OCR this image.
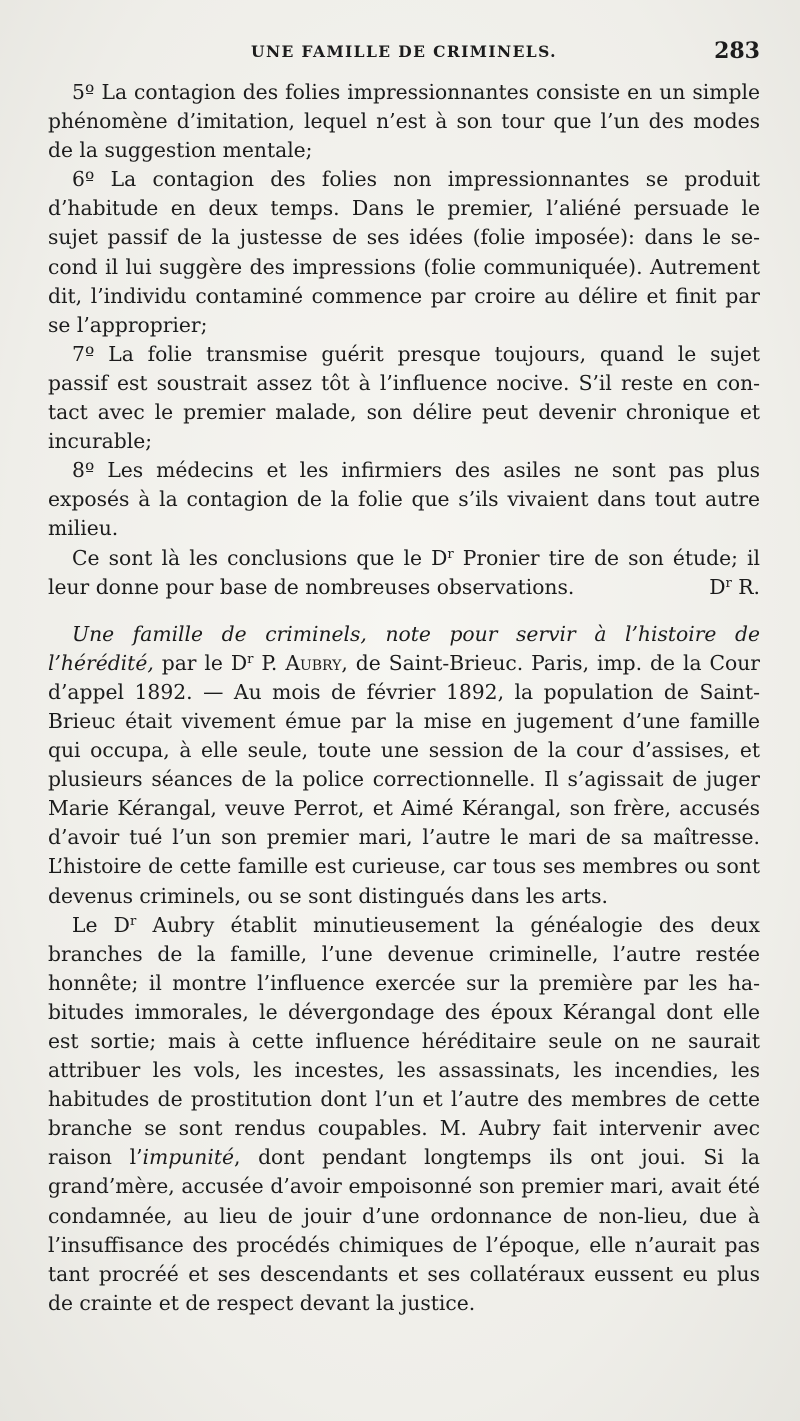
UNE FAMILLE DE CRIMINELS.	283

5º La contagion des folies impressionnantes consiste en un simple phénomène d’imitation, lequel n’est à son tour que l’un des modes de la suggestion mentale;

6º La contagion des folies non impressionnantes se produit d’habitude en deux temps. Dans le premier, l’aliéné persuade le sujet passif de la justesse de ses idées (folie imposée): dans le second il lui suggère des impressions (folie communiquée). Autrement dit, l’individu contaminé commence par croire au délire et finit par se l’approprier;

7º La folie transmise guérit presque toujours, quand le sujet passif est soustrait assez tôt à l’influence nocive. S’il reste en contact avec le premier malade, son délire peut devenir chronique et incurable;

8º Les médecins et les infirmiers des asiles ne sont pas plus exposés à la contagion de la folie que s’ils vivaient dans tout autre milieu.

Ce sont là les conclusions que le $D^r$ Pronier tire de son étude; il leur donne pour base de nombreuses observations.	$D^r$ R.

Une famille de criminels, note pour servir à l’histoire de l’hérédité, par le $D^r$ P. Aubry, de Saint-Brieuc. Paris, imp. de la Cour d’appel 1892. — Au mois de février 1892, la population de Saint-Brieuc était vivement émue par la mise en jugement d’une famille qui occupa, à elle seule, toute une session de la cour d’assises, et plusieurs séances de la police correctionnelle. Il s’agissait de juger Marie Kérangal, veuve Perrot, et Aimé Kérangal, son frère, accusés d’avoir tué l’un son premier mari, l’autre le mari de sa maîtresse. L’histoire de cette famille est curieuse, car tous ses membres ou sont devenus criminels, ou se sont distingués dans les arts.

Le $D^r$ Aubry établit minutieusement la généalogie des deux branches de la famille, l’une devenue criminelle, l’autre restée honnête; il montre l’influence exercée sur la première par les habitudes immorales, le dévergondage des époux Kérangal dont elle est sortie; mais à cette influence héréditaire seule on ne saurait attribuer les vols, les incestes, les assassinats, les incendies, les habitudes de prostitution dont l’un et l’autre des membres de cette branche se sont rendus coupables. M. Aubry fait intervenir avec raison l’impunité, dont pendant longtemps ils ont joui. Si la grand’mère, accusée d’avoir empoisonné son premier mari, avait été condamnée, au lieu de jouir d’une ordonnance de non-lieu, due à l’insuffisance des procédés chimiques de l’époque, elle n’aurait pas tant procréé et ses descendants et ses collatéraux eussent eu plus de crainte et de respect devant la justice.
